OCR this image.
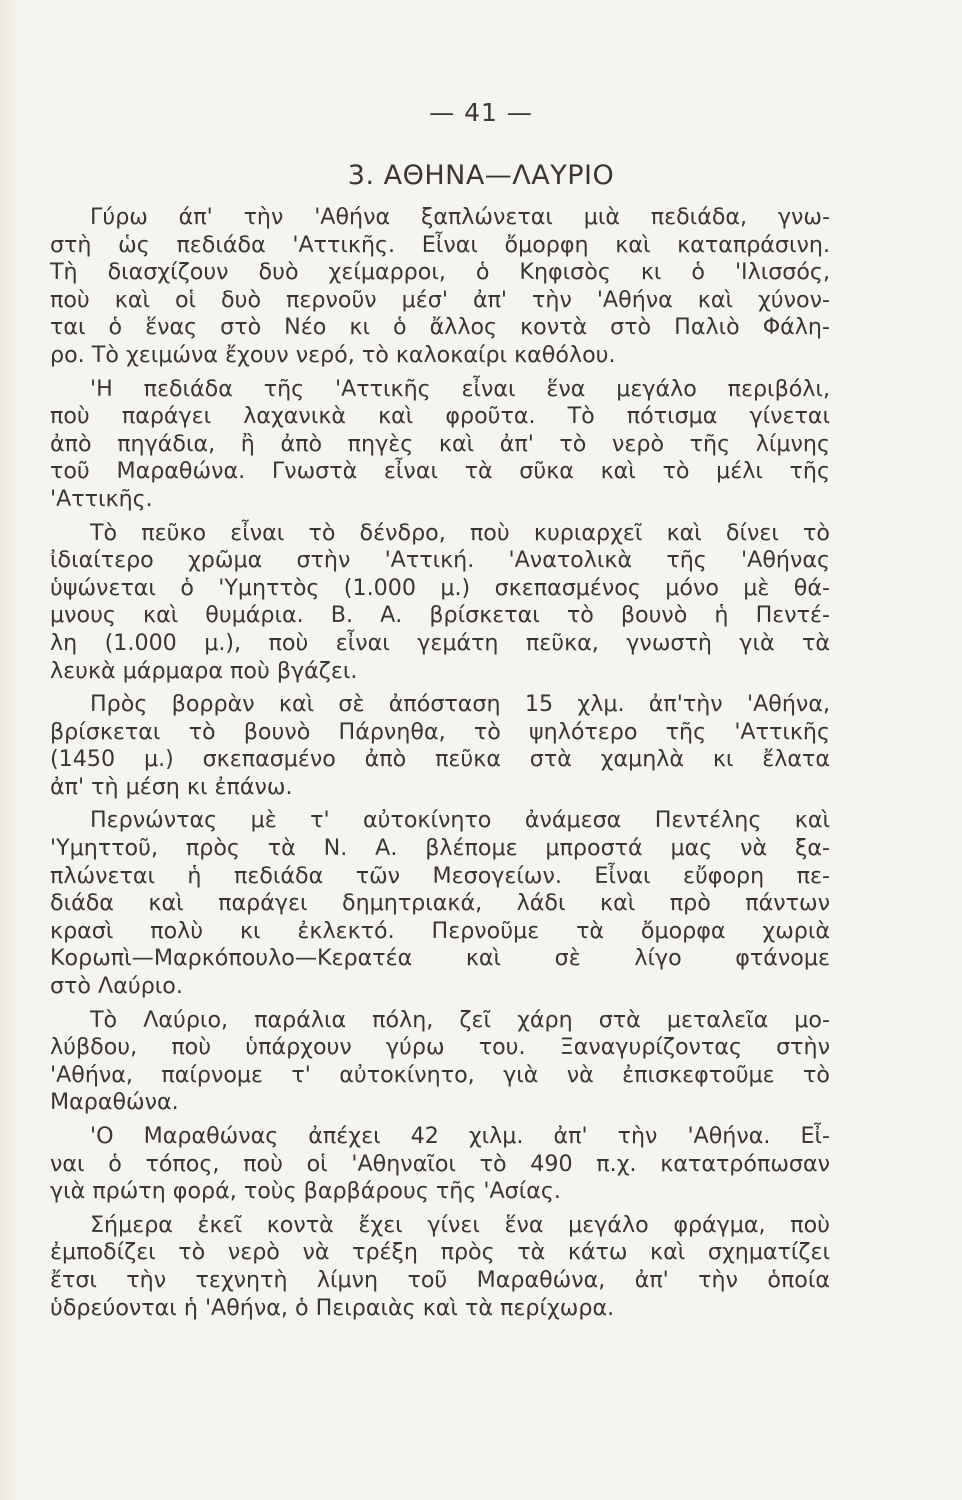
— 41 —
3. ΑΘΗΝΑ—ΛΑΥΡΙΟ
Γύρω άπ' τὴν 'Αθήνα ξαπλώνεται μιὰ πεδιάδα, γνω-
στὴ ὡς πεδιάδα 'Αττικῆς. Εἶναι ὄμορφη καὶ καταπράσινη.
Τὴ διασχίζουν δυὸ χείμαρροι, ὁ Κηφισὸς κι ὁ 'Ιλισσός,
ποὺ καὶ οἱ δυὸ περνοῦν μέσ' ἀπ' τὴν 'Αθήνα καὶ χύνον-
ται ὁ ἕνας στὸ Νέο κι ὁ ἄλλος κοντὰ στὸ Παλιὸ Φάλη-
ρο. Τὸ χειμώνα ἔχουν νερό, τὸ καλοκαίρι καθόλου.
'Η πεδιάδα τῆς 'Αττικῆς εἶναι ἕνα μεγάλο περιβόλι,
ποὺ παράγει λαχανικὰ καὶ φροῦτα. Τὸ πότισμα γίνεται
ἀπὸ πηγάδια, ἢ ἀπὸ πηγὲς καὶ ἀπ' τὸ νερὸ τῆς λίμνης
τοῦ Μαραθώνα. Γνωστὰ εἶναι τὰ σῦκα καὶ τὸ μέλι τῆς
'Αττικῆς.
Τὸ πεῦκο εἶναι τὸ δένδρο, ποὺ κυριαρχεῖ καὶ δίνει τὸ
ἰδιαίτερο χρῶμα στὴν 'Αττική. 'Ανατολικὰ τῆς 'Αθήνας
ὑψώνεται ὁ 'Υμηττὸς (1.000 μ.) σκεπασμένος μόνο μὲ θά-
μνους καὶ θυμάρια. Β. Α. βρίσκεται τὸ βουνὸ ἡ Πεντέ-
λη (1.000 μ.), ποὺ εἶναι γεμάτη πεῦκα, γνωστὴ γιὰ τὰ
λευκὰ μάρμαρα ποὺ βγάζει.
Πρὸς βορρὰν καὶ σὲ ἀπόσταση 15 χλμ. ἀπ'τὴν 'Αθήνα,
βρίσκεται τὸ βουνὸ Πάρνηθα, τὸ ψηλότερο τῆς 'Αττικῆς
(1450 μ.) σκεπασμένο ἀπὸ πεῦκα στὰ χαμηλὰ κι ἔλατα
ἀπ' τὴ μέση κι ἐπάνω.
Περνώντας μὲ τ' αὐτοκίνητο ἀνάμεσα Πεντέλης καὶ
'Υμηττοῦ, πρὸς τὰ Ν. Α. βλέπομε μπροστά μας νὰ ξα-
πλώνεται ἡ πεδιάδα τῶν Μεσογείων. Εἶναι εὔφορη πε-
διάδα καὶ παράγει δημητριακά, λάδι καὶ πρὸ πάντων
κρασὶ πολὺ κι ἐκλεκτό. Περνοῦμε τὰ ὄμορφα χωριὰ
Κορωπὶ—Μαρκόπουλο—Κερατέα καὶ σὲ λίγο φτάνομε
στὸ Λαύριο.
Τὸ Λαύριο, παράλια πόλη, ζεῖ χάρη στὰ μεταλεῖα μο-
λύβδου, ποὺ ὑπάρχουν γύρω του. Ξαναγυρίζοντας στὴν
'Αθήνα, παίρνομε τ' αὐτοκίνητο, γιὰ νὰ ἐπισκεφτοῦμε τὸ
Μαραθώνα.
'Ο Μαραθώνας ἀπέχει 42 χιλμ. ἀπ' τὴν 'Αθήνα. Εἶ-
ναι ὁ τόπος, ποὺ οἱ 'Αθηναῖοι τὸ 490 π.χ. κατατρόπωσαν
γιὰ πρώτη φορά, τοὺς βαρβάρους τῆς 'Ασίας.
Σήμερα ἐκεῖ κοντὰ ἔχει γίνει ἕνα μεγάλο φράγμα, ποὺ
ἐμποδίζει τὸ νερὸ νὰ τρέξη πρὸς τὰ κάτω καὶ σχηματίζει
ἔτσι τὴν τεχνητὴ λίμνη τοῦ Μαραθώνα, ἀπ' τὴν ὁποία
ὑδρεύονται ἡ 'Αθήνα, ὁ Πειραιὰς καὶ τὰ περίχωρα.
